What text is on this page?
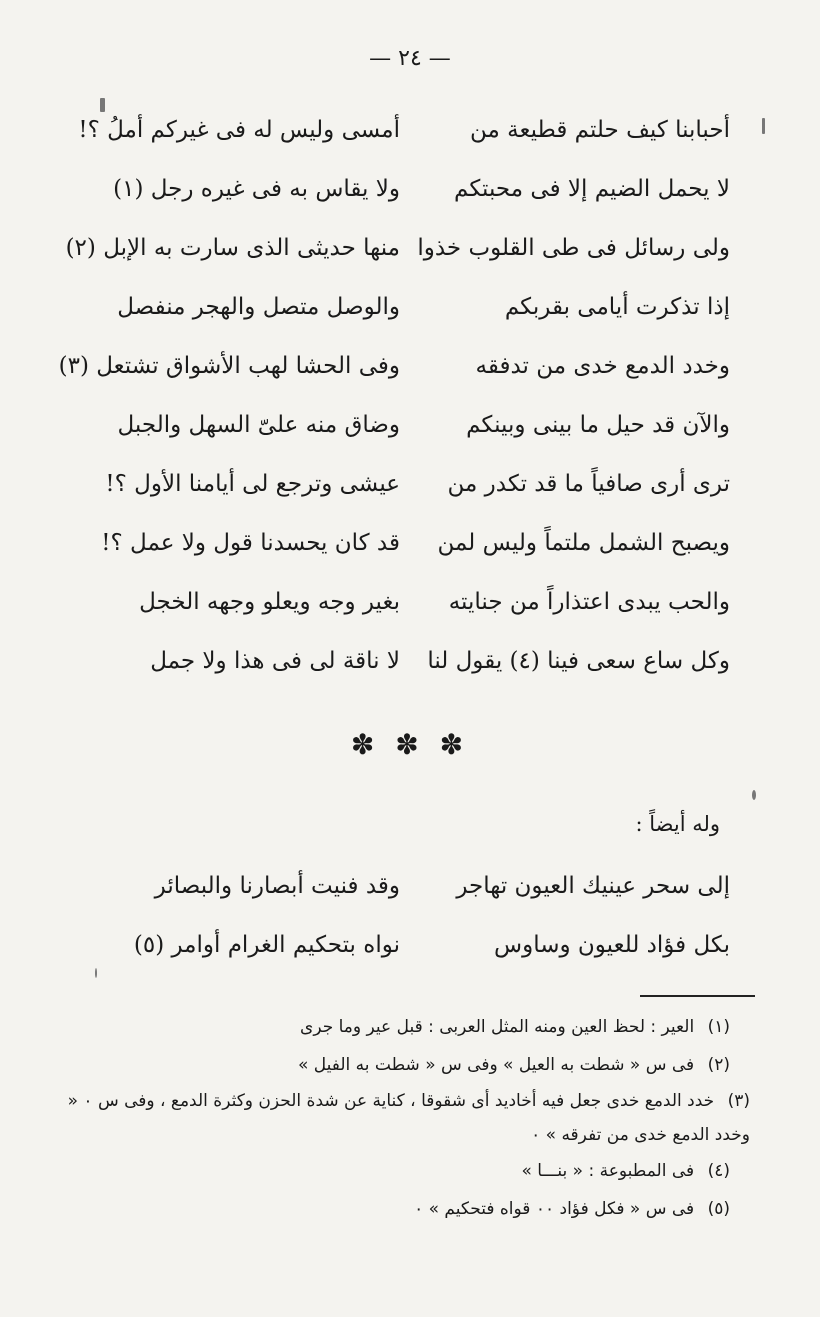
— ٢٤ —
أحبابنا كيف حلتم قطيعة من
أمسى وليس له فى غيركم أملُ ؟!
لا يحمل الضيم إلا فى محبتكم
ولا يقاس به فى غيره رجل (١)
ولى رسائل فى طى القلوب خذوا
منها حديثى الذى سارت به الإبل (٢)
إذا تذكرت أيامى بقربكم
والوصل متصل والهجر منفصل
وخدد الدمع خدى من تدفقه
وفى الحشا لهب الأشواق تشتعل (٣)
والآن قد حيل ما بينى وبينكم
وضاق منه علىّ السهل والجبل
ترى أرى صافياً ما قد تكدر من
عيشى وترجع لى أيامنا الأول ؟!
ويصبح الشمل ملتماً وليس لمن
قد كان يحسدنا قول ولا عمل ؟!
والحب يبدى اعتذاراً من جنايته
بغير وجه ويعلو وجهه الخجل
وكل ساع سعى فينا (٤) يقول لنا
لا ناقة لى فى هذا ولا جمل
✽ ✽ ✽
وله أيضاً :
إلى سحر عينيك العيون تهاجر
وقد فنيت أبصارنا والبصائر
بكل فؤاد للعيون وساوس
نواه بتحكيم الغرام أوامر (٥)
(١) العير : لحظ العين ومنه المثل العربى : قبل عير وما جرى
(٢) فى س « شطت به العيل » وفى س « شطت به الفيل »
(٣) خدد الدمع خدى جعل فيه أخاديد أى شقوقا ، كناية عن شدة الحزن وكثرة الدمع ، وفى س ٠ « وخدد الدمع خدى من تفرقه » ٠
(٤) فى المطبوعة : « بنـــا »
(٥) فى س « فكل فؤاد ٠٠ قواه فتحكيم » ٠
